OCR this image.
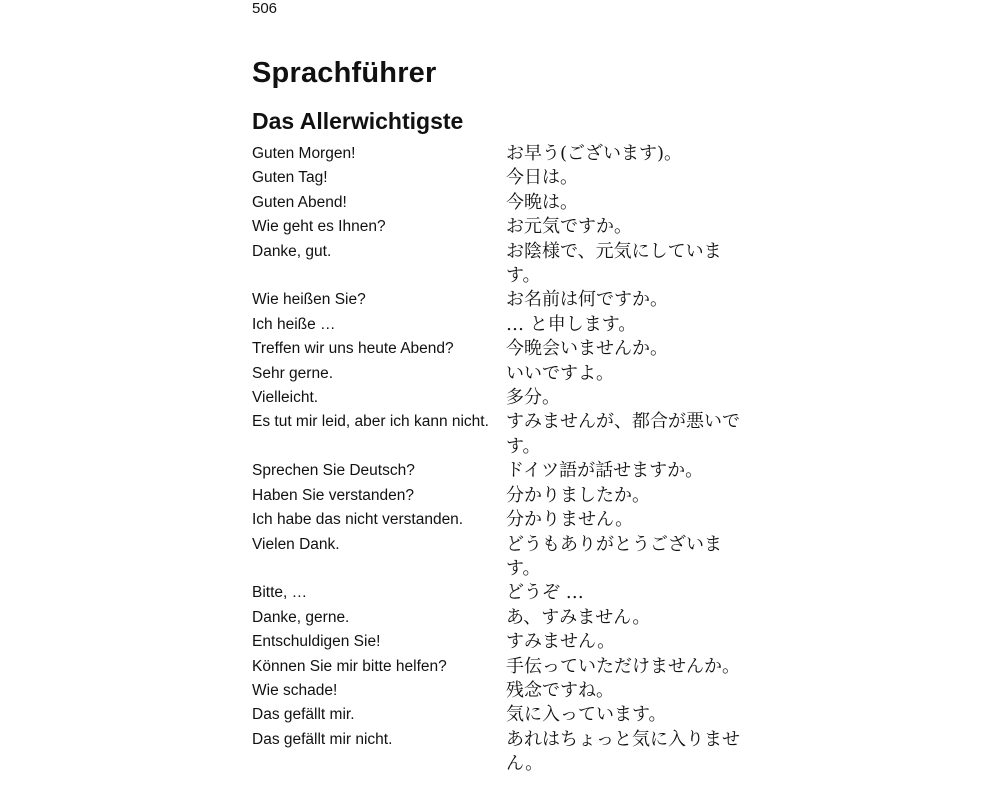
506
Sprachführer
Das Allerwichtigste
Guten Morgen!	お早う(ございます)。
Guten Tag!	今日は。
Guten Abend!	今晩は。
Wie geht es Ihnen?	お元気ですか。
Danke, gut.	お陰様で、元気にしています。
Wie heißen Sie?	お名前は何ですか。
Ich heiße …	… と申します。
Treffen wir uns heute Abend?	今晩会いませんか。
Sehr gerne.	いいですよ。
Vielleicht.	多分。
Es tut mir leid, aber ich kann nicht. すみませんが、都合が悪いです。
Sprechen Sie Deutsch?	ドイツ語が話せますか。
Haben Sie verstanden?	分かりましたか。
Ich habe das nicht verstanden.	分かりません。
Vielen Dank.	どうもありがとうございます。
Bitte, …	どうぞ …
Danke, gerne.	あ、すみません。
Entschuldigen Sie!	すみません。
Können Sie mir bitte helfen?	手伝っていただけませんか。
Wie schade!	残念ですね。
Das gefällt mir.	気に入っています。
Das gefällt mir nicht.	あれはちょっと気に入りません。
